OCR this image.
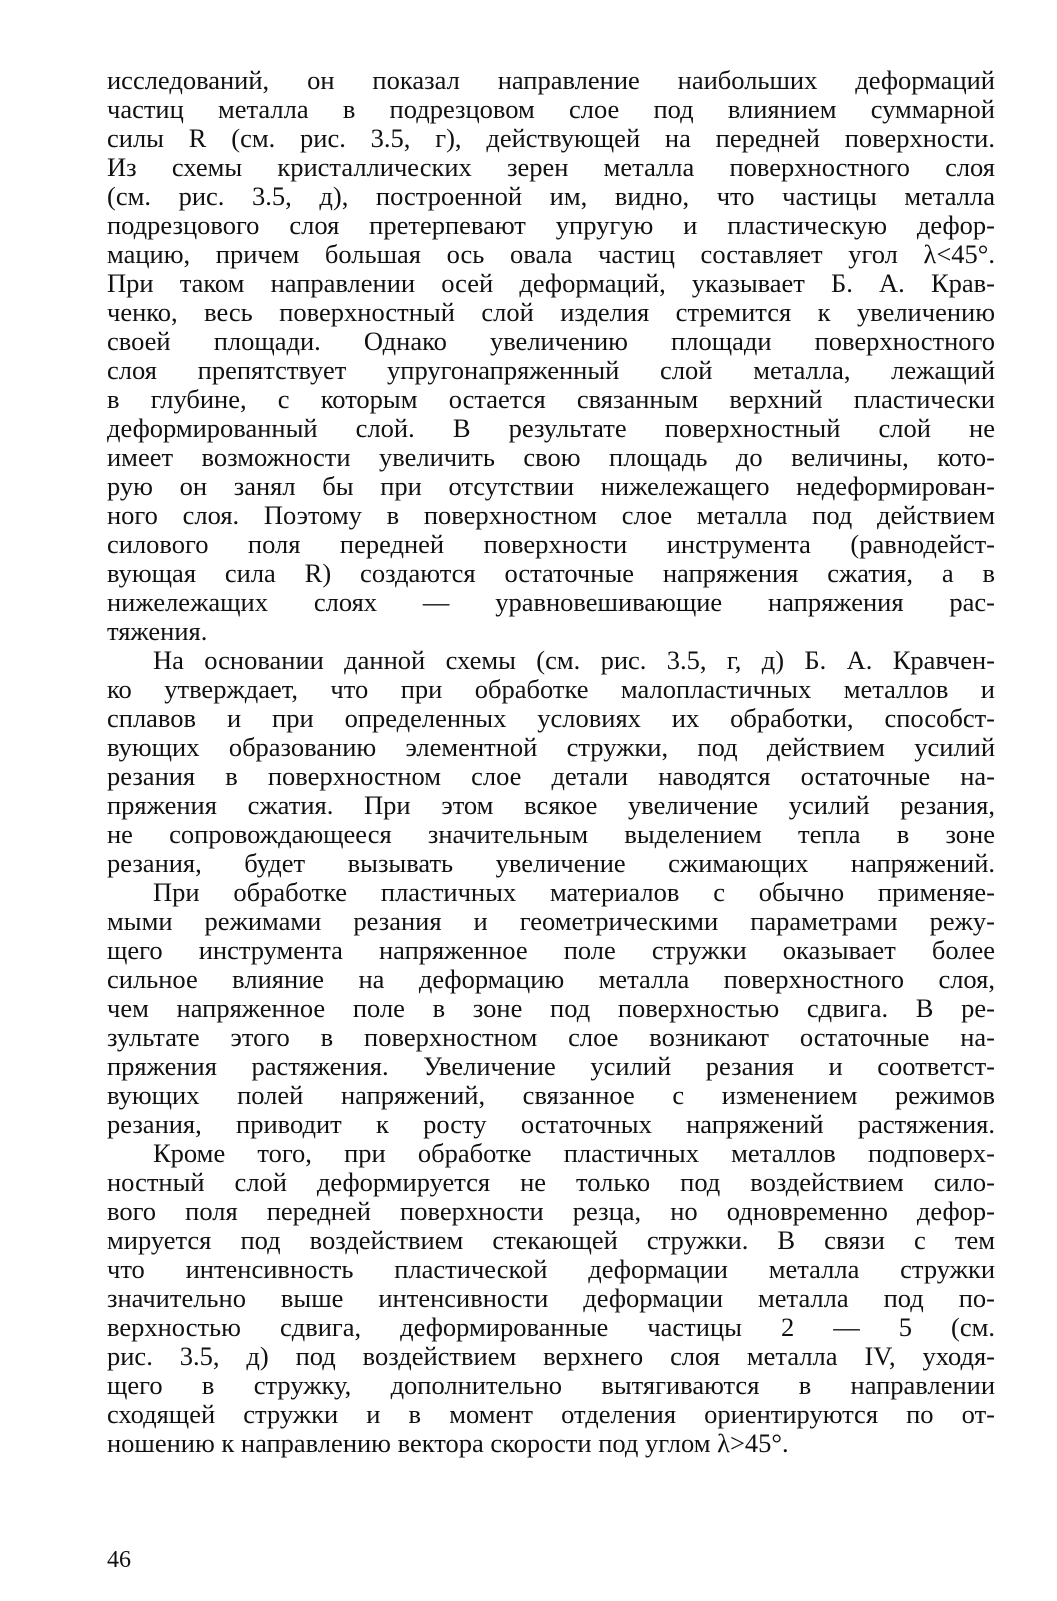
исследований, он показал направление наибольших деформаций
частиц металла в подрезцовом слое под влиянием суммарной
силы R (см. рис. 3.5, г), действующей на передней поверхности.
Из схемы кристаллических зерен металла поверхностного слоя
(см. рис. 3.5, д), построенной им, видно, что частицы металла
подрезцового слоя претерпевают упругую и пластическую дефор-
мацию, причем большая ось овала частиц составляет угол λ<45°.
При таком направлении осей деформаций, указывает Б. А. Крав-
ченко, весь поверхностный слой изделия стремится к увеличению
своей площади. Однако увеличению площади поверхностного
слоя препятствует упругонапряженный слой металла, лежащий
в глубине, с которым остается связанным верхний пластически
деформированный слой. В результате поверхностный слой не
имеет возможности увеличить свою площадь до величины, кото-
рую он занял бы при отсутствии нижележащего недеформирован-
ного слоя. Поэтому в поверхностном слое металла под действием
силового поля передней поверхности инструмента (равнодейст-
вующая сила R) создаются остаточные напряжения сжатия, а в
нижележащих слоях — уравновешивающие напряжения рас-
тяжения.
На основании данной схемы (см. рис. 3.5, г, д) Б. А. Кравчен-
ко утверждает, что при обработке малопластичных металлов и
сплавов и при определенных условиях их обработки, способст-
вующих образованию элементной стружки, под действием усилий
резания в поверхностном слое детали наводятся остаточные на-
пряжения сжатия. При этом всякое увеличение усилий резания,
не сопровождающееся значительным выделением тепла в зоне
резания, будет вызывать увеличение сжимающих напряжений.
При обработке пластичных материалов с обычно применяе-
мыми режимами резания и геометрическими параметрами режу-
щего инструмента напряженное поле стружки оказывает более
сильное влияние на деформацию металла поверхностного слоя,
чем напряженное поле в зоне под поверхностью сдвига. В ре-
зультате этого в поверхностном слое возникают остаточные на-
пряжения растяжения. Увеличение усилий резания и соответст-
вующих полей напряжений, связанное с изменением режимов
резания, приводит к росту остаточных напряжений растяжения.
Кроме того, при обработке пластичных металлов подповерх-
ностный слой деформируется не только под воздействием сило-
вого поля передней поверхности резца, но одновременно дефор-
мируется под воздействием стекающей стружки. В связи с тем
что интенсивность пластической деформации металла стружки
значительно выше интенсивности деформации металла под по-
верхностью сдвига, деформированные частицы 2 — 5 (см.
рис. 3.5, д) под воздействием верхнего слоя металла IV, уходя-
щего в стружку, дополнительно вытягиваются в направлении
сходящей стружки и в момент отделения ориентируются по от-
ношению к направлению вектора скорости под углом λ>45°.
46
